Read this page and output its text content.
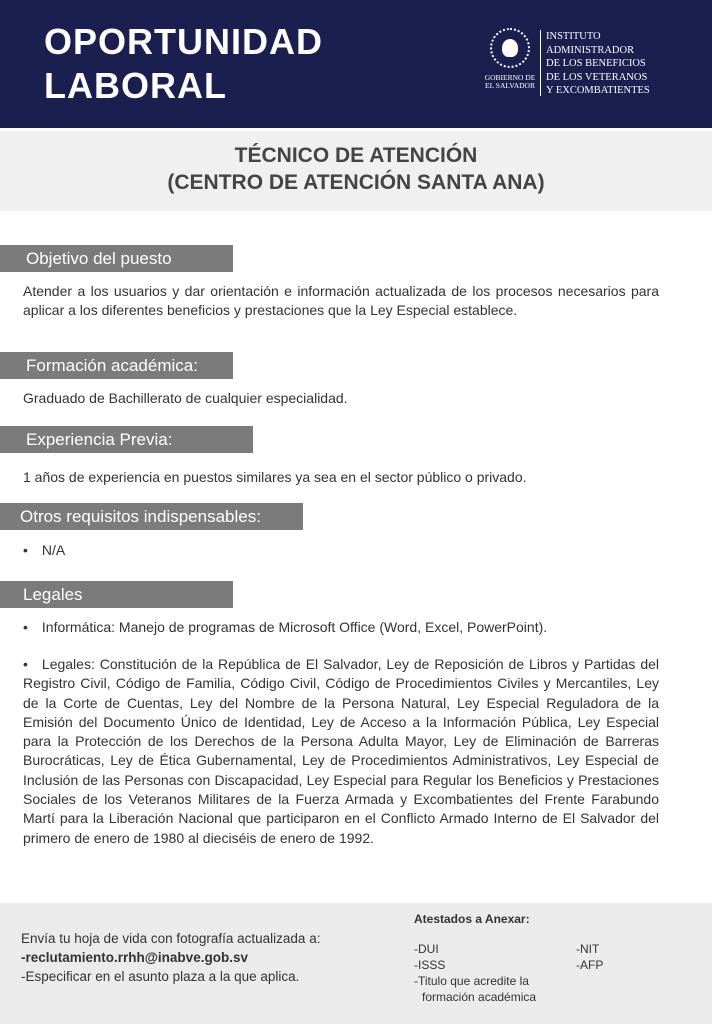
OPORTUNIDAD
LABORAL	GOBIERNO DE
EL SALVADOR
INSTITUTO
ADMINISTRADOR
DE LOS BENEFICIOS
DE LOS VETERANOS
Y EXCOMBATIENTES
TÉCNICO DE ATENCIÓN
(CENTRO DE ATENCIÓN SANTA ANA)
Objetivo del puesto
Atender a los usuarios y dar orientación e información actualizada de los procesos necesarios para aplicar a los diferentes beneficios y prestaciones que la Ley Especial establece.
Formación académica:
Graduado de Bachillerato de cualquier especialidad.
Experiencia Previa:
1 años de experiencia en puestos similares ya sea en el sector público o privado.
Otros requisitos indispensables:
• N/A
Legales
• Informática: Manejo de programas de Microsoft Office (Word, Excel, PowerPoint).
• Legales: Constitución de la República de El Salvador, Ley de Reposición de Libros y Partidas del Registro Civil, Código de Familia, Código Civil, Código de Procedimientos Civiles y Mercantiles, Ley de la Corte de Cuentas, Ley del Nombre de la Persona Natural, Ley Especial Reguladora de la Emisión del Documento Único de Identidad, Ley de Acceso a la Información Pública, Ley Especial para la Protección de los Derechos de la Persona Adulta Mayor, Ley de Eliminación de Barreras Burocráticas, Ley de Ética Gubernamental, Ley de Procedimientos Administrativos, Ley Especial de Inclusión de las Personas con Discapacidad, Ley Especial para Regular los Beneficios y Prestaciones Sociales de los Veteranos Militares de la Fuerza Armada y Excombatientes del Frente Farabundo Martí para la Liberación Nacional que participaron en el Conflicto Armado Interno de El Salvador del primero de enero de 1980 al dieciséis de enero de 1992.
Envía tu hoja de vida con fotografía actualizada a:
-reclutamiento.rrhh@inabve.gob.sv
-Especificar en el asunto plaza a la que aplica.
Atestados a Anexar:
-DUI	-NIT
-ISSS	-AFP
-Titulo que acredite la
formación académica
